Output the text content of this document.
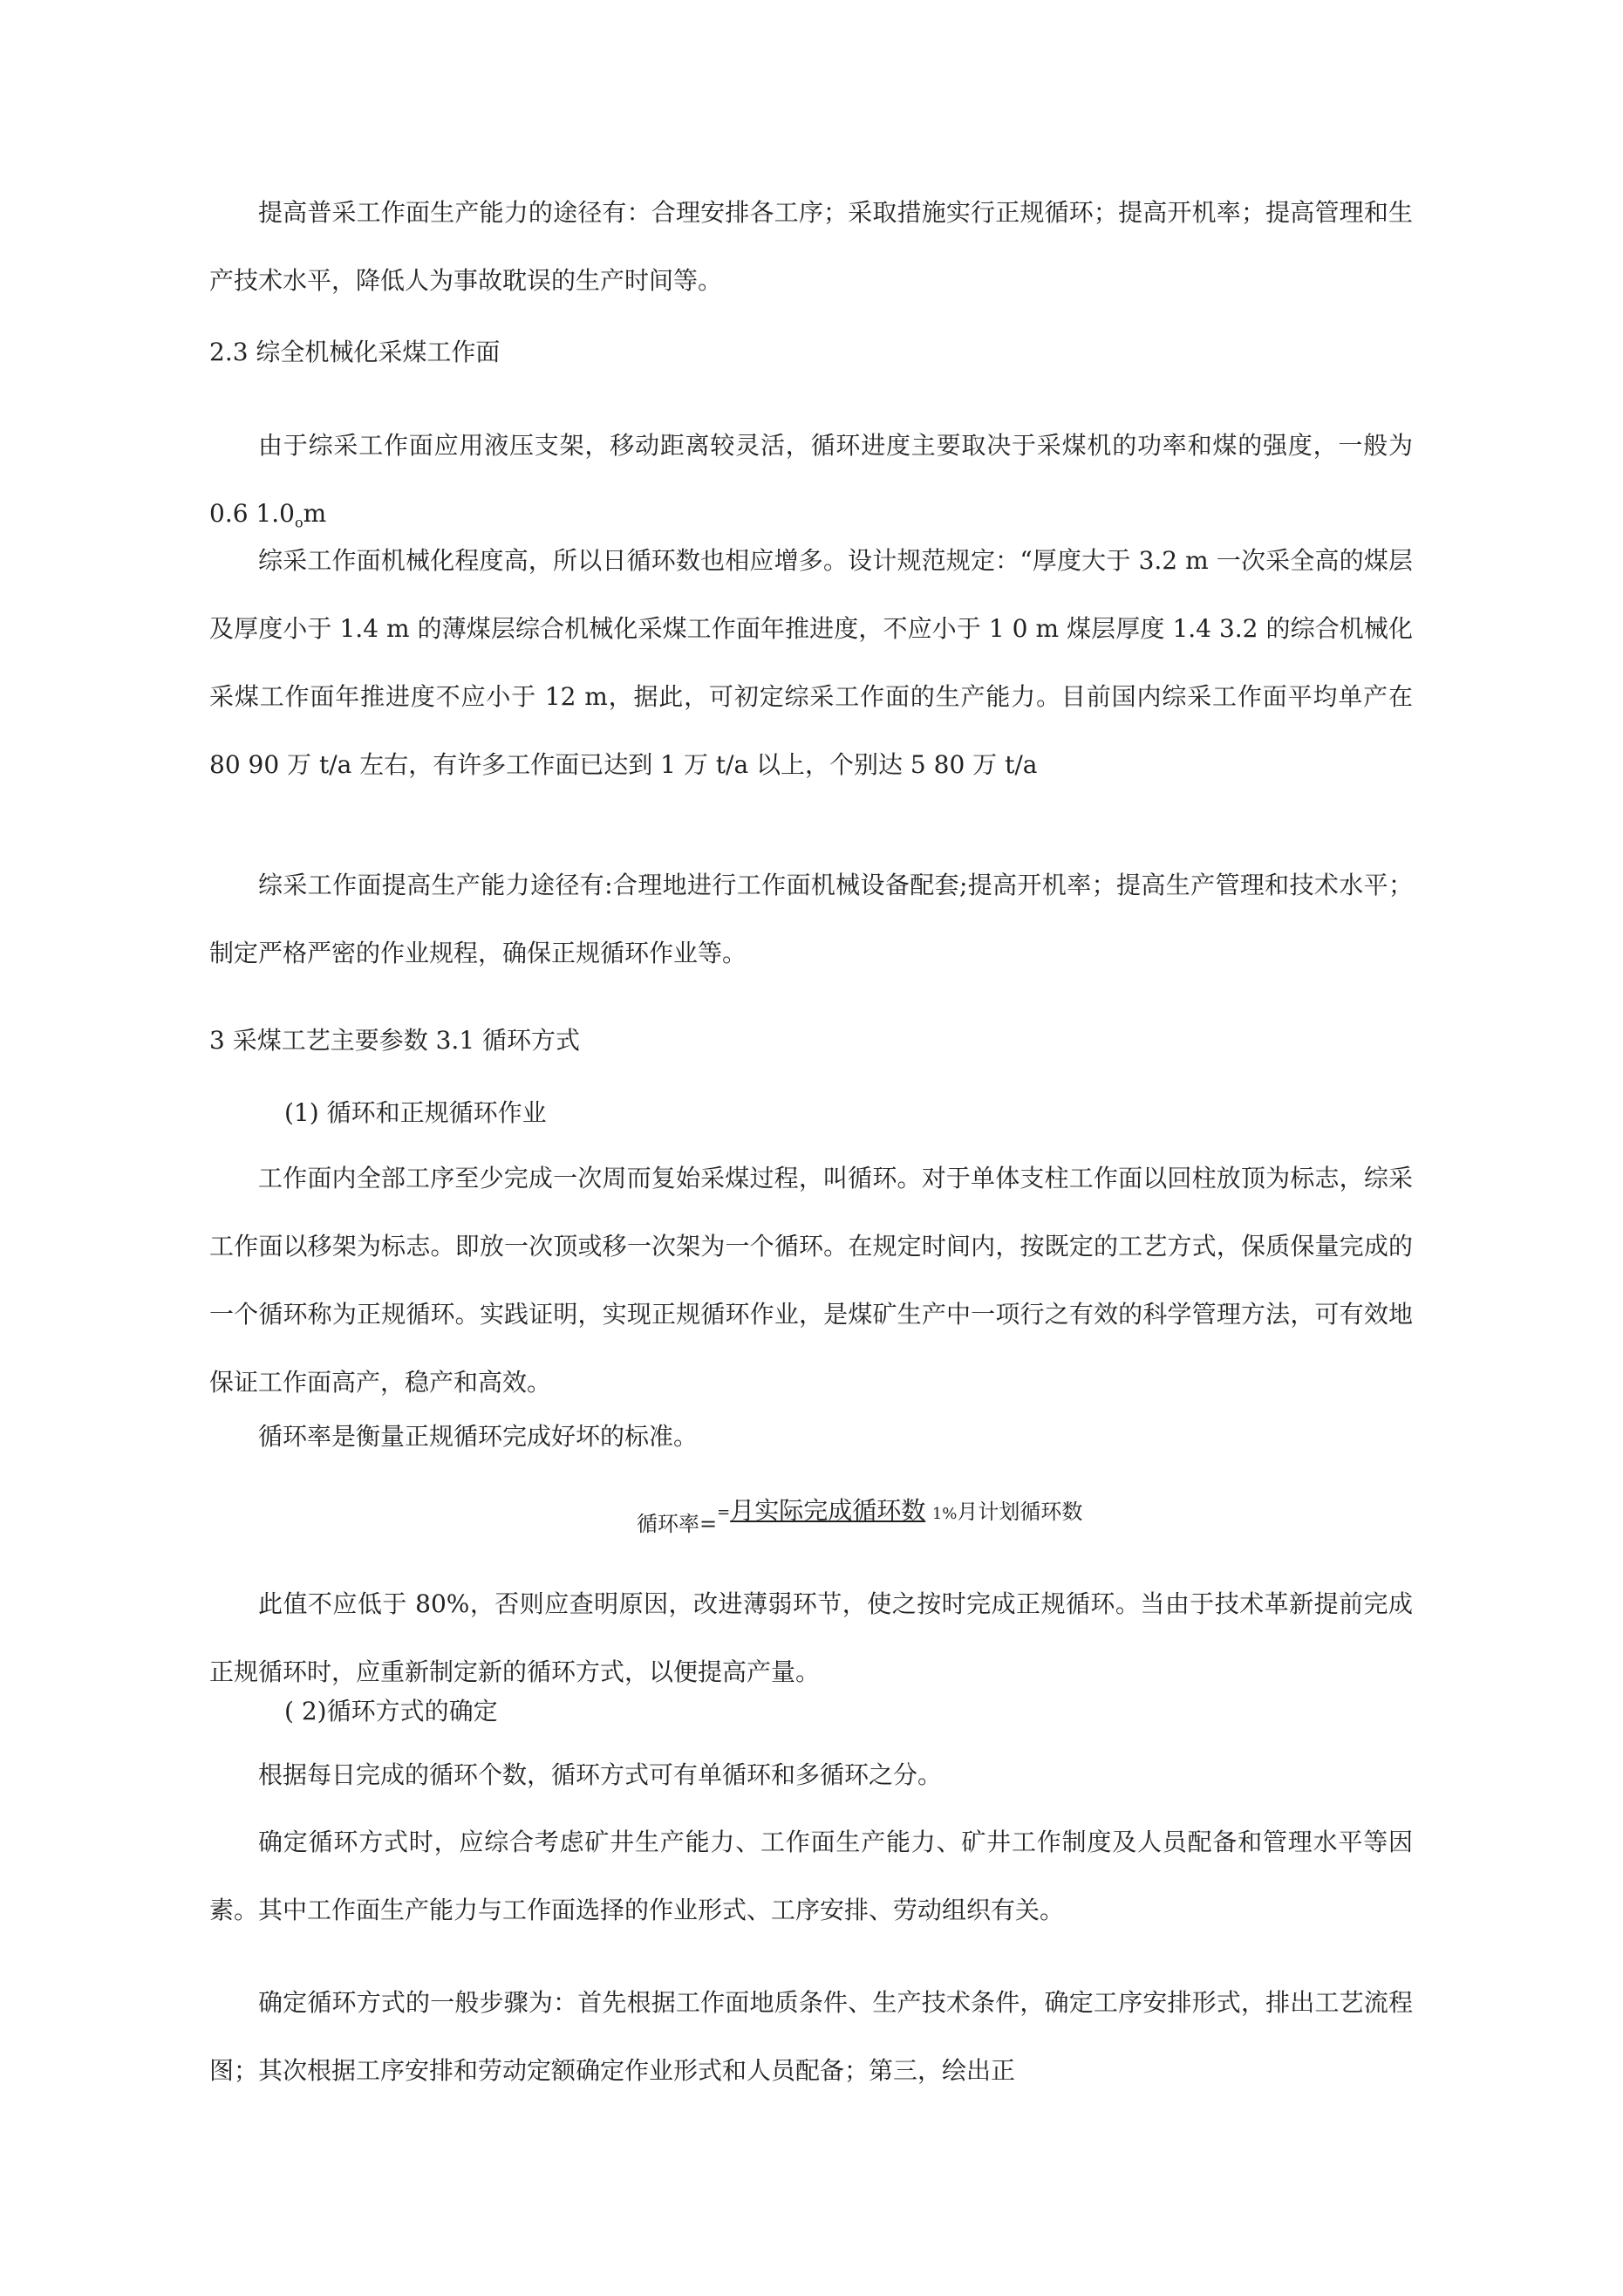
提高普采工作面生产能力的途径有：合理安排各工序；采取措施实行正规循环；提高开机率；提高管理和生产技术水平，降低人为事故耽误的生产时间等。

2.3 综全机械化采煤工作面

由于综采工作面应用液压支架，移动距离较灵活，循环进度主要取决于采煤机的功率和煤的强度，一般为 0.6 $1.0_om$

综采工作面机械化程度高，所以日循环数也相应增多。设计规范规定：“厚度大于 3.2 m 一次采全高的煤层及厚度小于 1.4 m 的薄煤层综合机械化采煤工作面年推进度，不应小于 1 0 m 煤层厚度 1.4 3.2 的综合机械化采煤工作面年推进度不应小于 12 m，据此，可初定综采工作面的生产能力。目前国内综采工作面平均单产在 80 90 万 t/a 左右，有许多工作面已达到 1 万 t/a 以上，个别达 5 80 万 t/a

综采工作面提高生产能力途径有:合理地进行工作面机械设备配套;提高开机率；提高生产管理和技术水平；制定严格严密的作业规程，确保正规循环作业等。

3 采煤工艺主要参数 3.1 循环方式

(1) 循环和正规循环作业

工作面内全部工序至少完成一次周而复始采煤过程，叫循环。对于单体支柱工作面以回柱放顶为标志，综采工作面以移架为标志。即放一次顶或移一次架为一个循环。在规定时间内，按既定的工艺方式，保质保量完成的一个循环称为正规循环。实践证明，实现正规循环作业，是煤矿生产中一项行之有效的科学管理方法，可有效地保证工作面高产，稳产和高效。

循环率是衡量正规循环完成好坏的标准。

循环率==月实际完成循环数 1%月计划循环数

此值不应低于 80%，否则应查明原因，改进薄弱环节，使之按时完成正规循环。当由于技术革新提前完成正规循环时，应重新制定新的循环方式，以便提高产量。

( 2)循环方式的确定

根据每日完成的循环个数，循环方式可有单循环和多循环之分。

确定循环方式时，应综合考虑矿井生产能力、工作面生产能力、矿井工作制度及人员配备和管理水平等因素。其中工作面生产能力与工作面选择的作业形式、工序安排、劳动组织有关。

确定循环方式的一般步骤为：首先根据工作面地质条件、生产技术条件，确定工序安排形式，排出工艺流程图；其次根据工序安排和劳动定额确定作业形式和人员配备；第三，绘出正
